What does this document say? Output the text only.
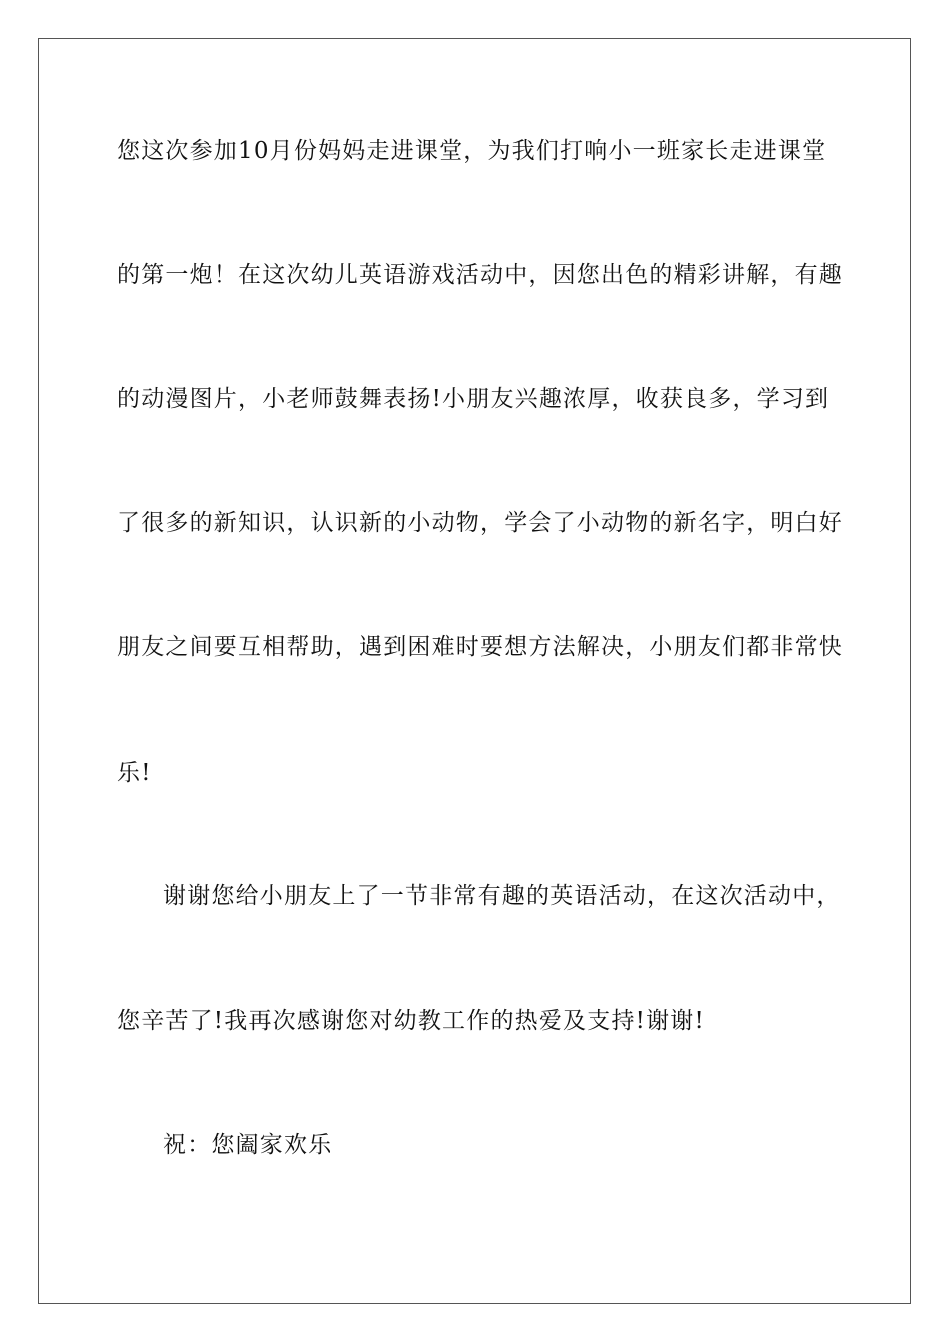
您这次参加10月份妈妈走进课堂，为我们打响小一班家长走进课堂
的第一炮！在这次幼儿英语游戏活动中，因您出色的精彩讲解，有趣
的动漫图片，小老师鼓舞表扬!小朋友兴趣浓厚，收获良多，学习到
了很多的新知识，认识新的小动物，学会了小动物的新名字，明白好
朋友之间要互相帮助，遇到困难时要想方法解决，小朋友们都非常快
乐!
谢谢您给小朋友上了一节非常有趣的英语活动，在这次活动中，
您辛苦了!我再次感谢您对幼教工作的热爱及支持!谢谢!
祝：您阖家欢乐
